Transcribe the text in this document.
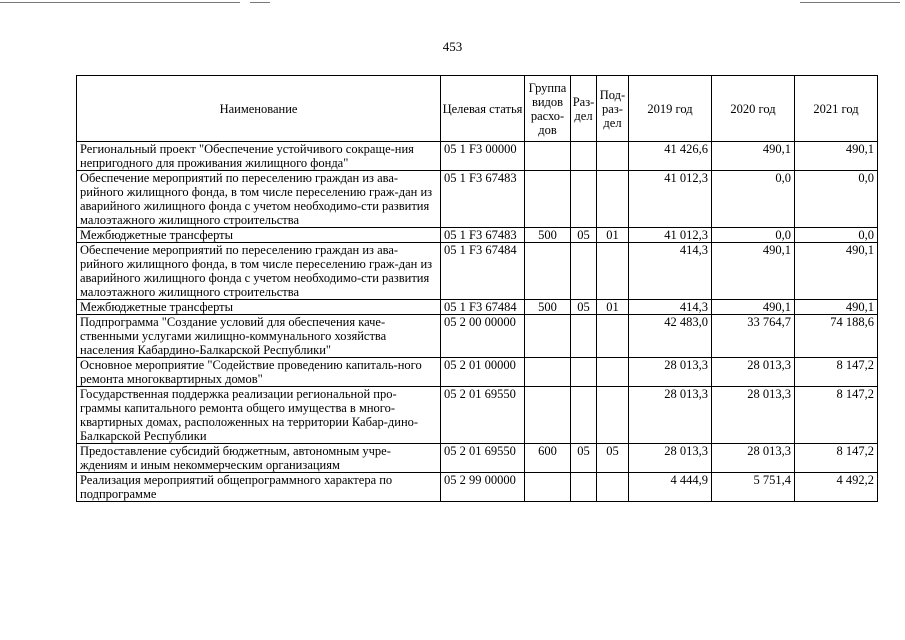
453
Наименование	Целевая статья	Группа видов расхо-дов	Раз-дел	Под-раз-дел	2019 год	2020 год	2021 год
Региональный проект "Обеспечение устойчивого сокраще-ния непригодного для проживания жилищного фонда"	05 1 F3 00000				41 426,6	490,1	490,1
Обеспечение мероприятий по переселению граждан из ава-рийного жилищного фонда, в том числе переселению граж-дан из аварийного жилищного фонда с учетом необходимо-сти развития малоэтажного жилищного строительства	05 1 F3 67483				41 012,3	0,0	0,0
Межбюджетные трансферты	05 1 F3 67483	500	05	01	41 012,3	0,0	0,0
Обеспечение мероприятий по переселению граждан из ава-рийного жилищного фонда, в том числе переселению граж-дан из аварийного жилищного фонда с учетом необходимо-сти развития малоэтажного жилищного строительства	05 1 F3 67484				414,3	490,1	490,1
Межбюджетные трансферты	05 1 F3 67484	500	05	01	414,3	490,1	490,1
Подпрограмма "Создание условий для обеспечения каче-ственными услугами жилищно-коммунального хозяйства населения Кабардино-Балкарской Республики"	05 2 00 00000				42 483,0	33 764,7	74 188,6
Основное мероприятие "Содействие проведению капиталь-ного ремонта многоквартирных домов"	05 2 01 00000				28 013,3	28 013,3	8 147,2
Государственная поддержка реализации региональной про-граммы капитального ремонта общего имущества в много-квартирных домах, расположенных на территории Кабар-дино-Балкарской Республики	05 2 01 69550				28 013,3	28 013,3	8 147,2
Предоставление субсидий бюджетным, автономным учре-ждениям и иным некоммерческим организациям	05 2 01 69550	600	05	05	28 013,3	28 013,3	8 147,2
Реализация мероприятий общепрограммного характера по подпрограмме	05 2 99 00000				4 444,9	5 751,4	4 492,2
